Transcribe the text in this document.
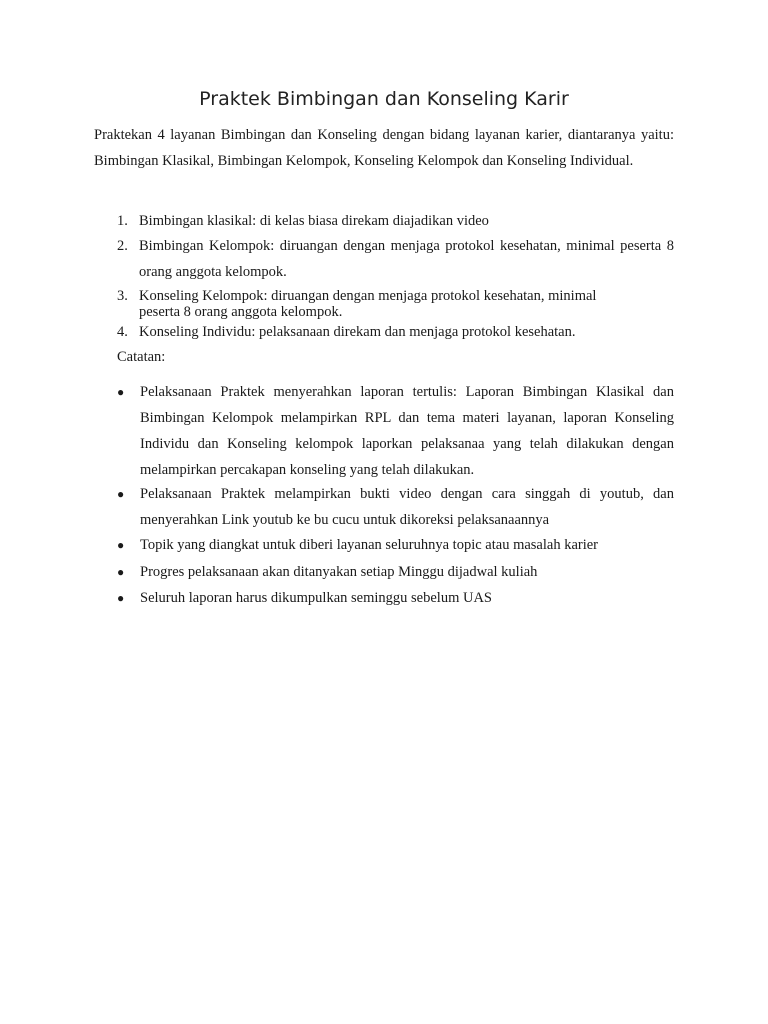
Praktek Bimbingan dan Konseling Karir

Praktekan 4 layanan Bimbingan dan Konseling dengan bidang layanan karier, diantaranya yaitu: Bimbingan Klasikal, Bimbingan Kelompok, Konseling Kelompok dan Konseling Individual.

1. Bimbingan klasikal: di kelas biasa direkam diajadikan video
2. Bimbingan Kelompok: diruangan dengan menjaga protokol kesehatan, minimal peserta 8 orang anggota kelompok.
3. Konseling Kelompok: diruangan dengan menjaga protokol kesehatan, minimal
peserta 8 orang anggota kelompok.
4. Konseling Individu: pelaksanaan direkam dan menjaga protokol kesehatan.

Catatan:

●	Pelaksanaan Praktek menyerahkan laporan tertulis: Laporan Bimbingan Klasikal dan Bimbingan Kelompok melampirkan RPL dan tema materi layanan, laporan Konseling Individu dan Konseling kelompok laporkan pelaksanaa yang telah dilakukan dengan melampirkan percakapan konseling yang telah dilakukan.
●	Pelaksanaan Praktek melampirkan bukti video dengan cara singgah di youtub, dan menyerahkan Link youtub ke bu cucu untuk dikoreksi pelaksanaannya
●	Topik yang diangkat untuk diberi layanan seluruhnya topic atau masalah karier
●	Progres pelaksanaan akan ditanyakan setiap Minggu dijadwal kuliah
●	Seluruh laporan harus dikumpulkan seminggu sebelum UAS
